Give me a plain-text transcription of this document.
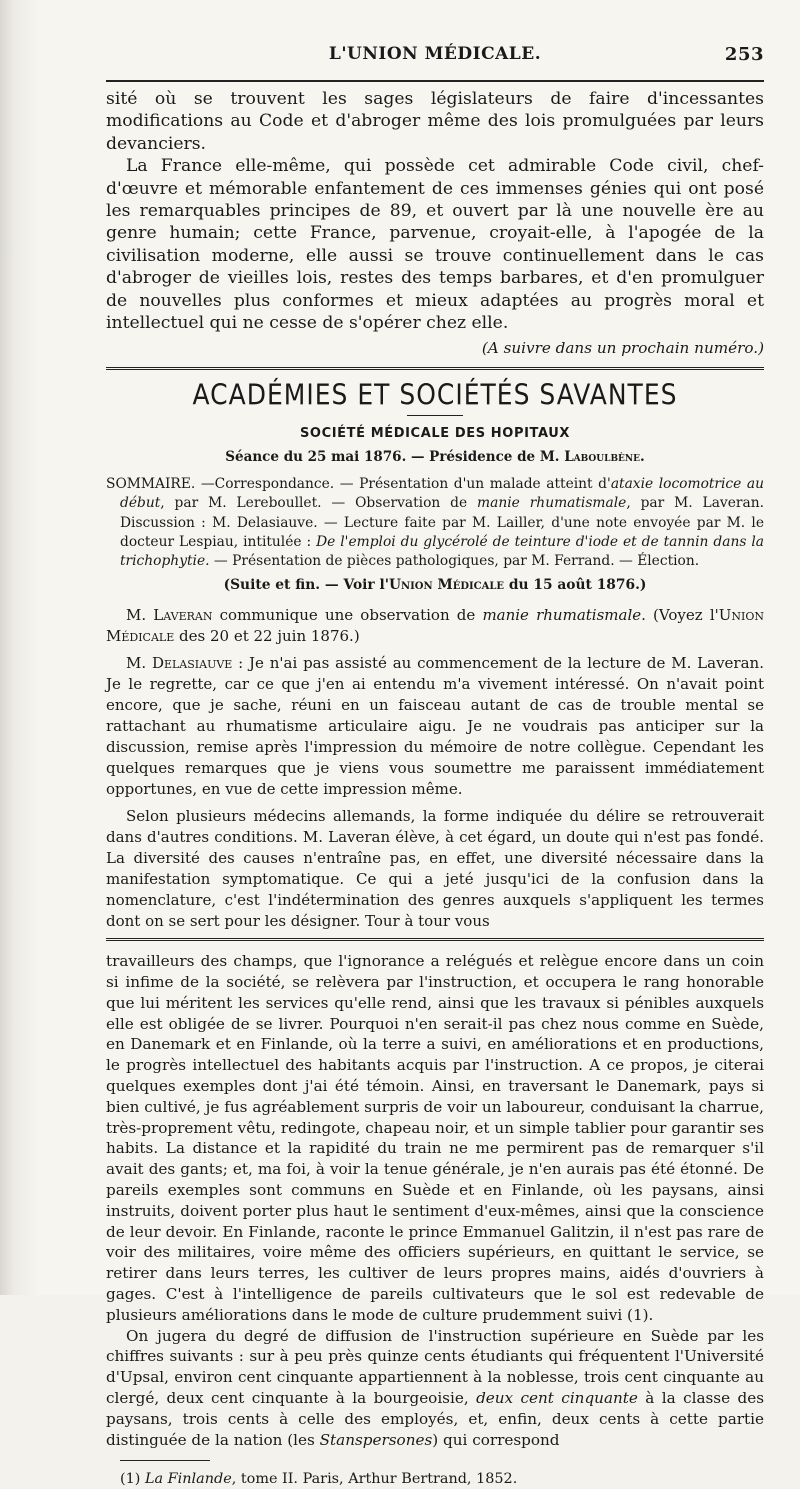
L'UNION MÉDICALE.	253

sité où se trouvent les sages législateurs de faire d'incessantes modifications au Code et d'abroger même des lois promulguées par leurs devanciers.

La France elle-même, qui possède cet admirable Code civil, chef-d'œuvre et mémorable enfantement de ces immenses génies qui ont posé les remarquables principes de 89, et ouvert par là une nouvelle ère au genre humain; cette France, parvenue, croyait-elle, à l'apogée de la civilisation moderne, elle aussi se trouve continuellement dans le cas d'abroger de vieilles lois, restes des temps barbares, et d'en promulguer de nouvelles plus conformes et mieux adaptées au progrès moral et intellectuel qui ne cesse de s'opérer chez elle.

(A suivre dans un prochain numéro.)

ACADÉMIES ET SOCIÉTÉS SAVANTES
SOCIÉTÉ MÉDICALE DES HOPITAUX
Séance du 25 mai 1876. — Présidence de M. Laboulbène.

SOMMAIRE. —Correspondance. — Présentation d'un malade atteint d'ataxie locomotrice au début, par M. Lereboullet. — Observation de manie rhumatismale, par M. Laveran. Discussion : M. Delasiauve. — Lecture faite par M. Lailler, d'une note envoyée par M. le docteur Lespiau, intitulée : De l'emploi du glycérolé de teinture d'iode et de tannin dans la trichophytie. — Présentation de pièces pathologiques, par M. Ferrand. — Élection.

(Suite et fin. — Voir l'Union Médicale du 15 août 1876.)

M. Laveran communique une observation de manie rhumatismale. (Voyez l'Union Médicale des 20 et 22 juin 1876.)

M. Delasiauve : Je n'ai pas assisté au commencement de la lecture de M. Laveran. Je le regrette, car ce que j'en ai entendu m'a vivement intéressé. On n'avait point encore, que je sache, réuni en un faisceau autant de cas de trouble mental se rattachant au rhumatisme articulaire aigu. Je ne voudrais pas anticiper sur la discussion, remise après l'impression du mémoire de notre collègue. Cependant les quelques remarques que je viens vous soumettre me paraissent immédiatement opportunes, en vue de cette impression même.

Selon plusieurs médecins allemands, la forme indiquée du délire se retrouverait dans d'autres conditions. M. Laveran élève, à cet égard, un doute qui n'est pas fondé. La diversité des causes n'entraîne pas, en effet, une diversité nécessaire dans la manifestation symptomatique. Ce qui a jeté jusqu'ici de la confusion dans la nomenclature, c'est l'indétermination des genres auxquels s'appliquent les termes dont on se sert pour les désigner. Tour à tour vous

travailleurs des champs, que l'ignorance a relégués et relègue encore dans un coin si infime de la société, se relèvera par l'instruction, et occupera le rang honorable que lui méritent les services qu'elle rend, ainsi que les travaux si pénibles auxquels elle est obligée de se livrer. Pourquoi n'en serait-il pas chez nous comme en Suède, en Danemark et en Finlande, où la terre a suivi, en améliorations et en productions, le progrès intellectuel des habitants acquis par l'instruction. A ce propos, je citerai quelques exemples dont j'ai été témoin. Ainsi, en traversant le Danemark, pays si bien cultivé, je fus agréablement surpris de voir un laboureur, conduisant la charrue, très-proprement vêtu, redingote, chapeau noir, et un simple tablier pour garantir ses habits. La distance et la rapidité du train ne me permirent pas de remarquer s'il avait des gants; et, ma foi, à voir la tenue générale, je n'en aurais pas été étonné. De pareils exemples sont communs en Suède et en Finlande, où les paysans, ainsi instruits, doivent porter plus haut le sentiment d'eux-mêmes, ainsi que la conscience de leur devoir. En Finlande, raconte le prince Emmanuel Galitzin, il n'est pas rare de voir des militaires, voire même des officiers supérieurs, en quittant le service, se retirer dans leurs terres, les cultiver de leurs propres mains, aidés d'ouvriers à gages. C'est à l'intelligence de pareils cultivateurs que le sol est redevable de plusieurs améliorations dans le mode de culture prudemment suivi (1).

On jugera du degré de diffusion de l'instruction supérieure en Suède par les chiffres suivants : sur à peu près quinze cents étudiants qui fréquentent l'Université d'Upsal, environ cent cinquante appartiennent à la noblesse, trois cent cinquante au clergé, deux cent cinquante à la bourgeoisie, deux cent cinquante à la classe des paysans, trois cents à celle des employés, et, enfin, deux cents à cette partie distinguée de la nation (les Stanspersones) qui correspond

(1) La Finlande, tome II. Paris, Arthur Bertrand, 1852.
